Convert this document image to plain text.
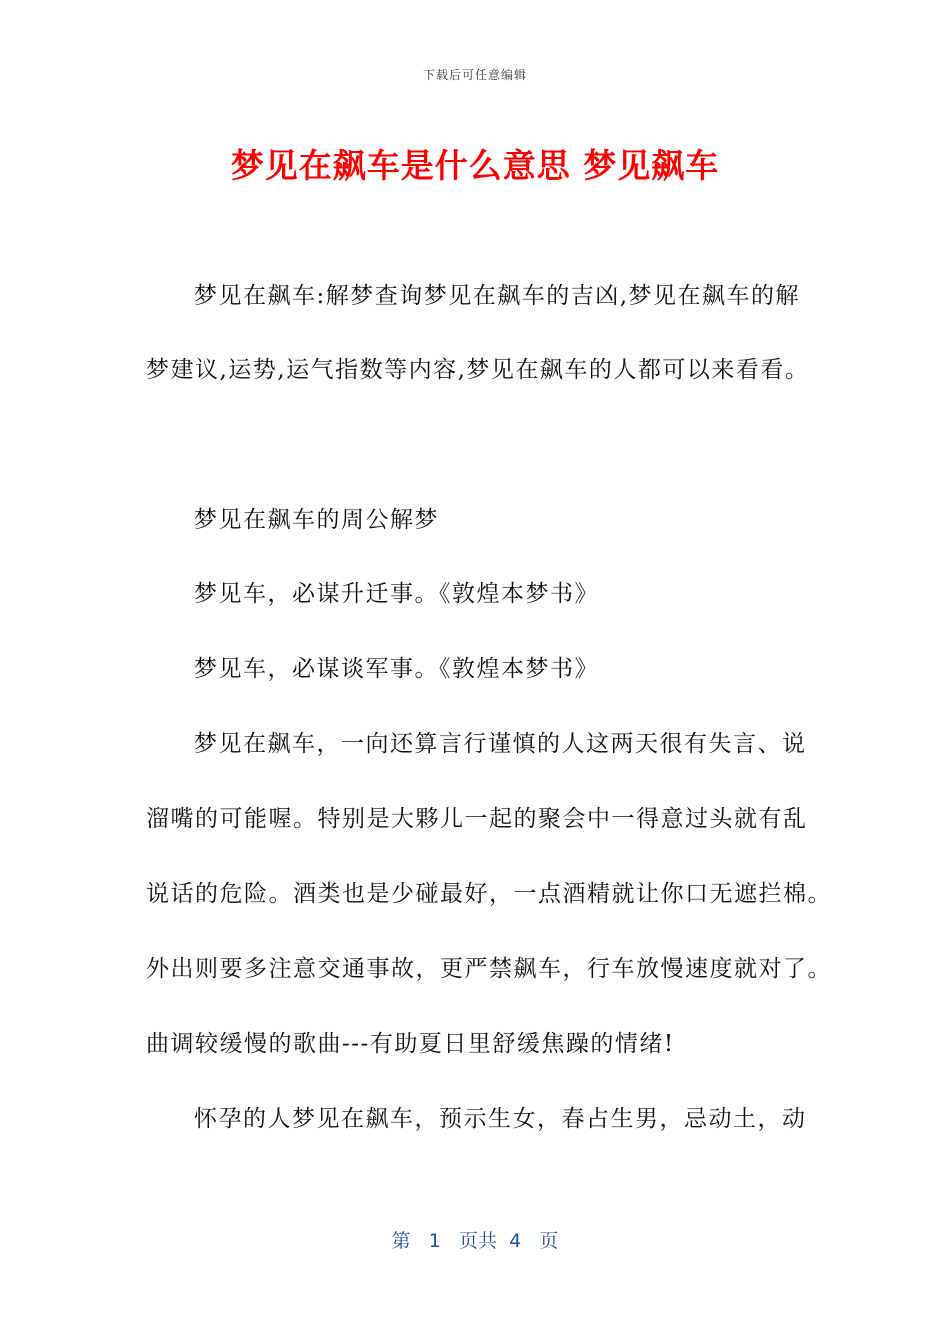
下载后可任意编辑
梦见在飙车是什么意思 梦见飙车
梦见在飙车:解梦查询梦见在飙车的吉凶,梦见在飙车的解
梦建议,运势,运气指数等内容,梦见在飙车的人都可以来看看。
梦见在飙车的周公解梦
梦见车，必谋升迁事。《敦煌本梦书》
梦见车，必谋谈军事。《敦煌本梦书》
梦见在飙车，一向还算言行谨慎的人这两天很有失言、说
溜嘴的可能喔。特别是大夥儿一起的聚会中一得意过头就有乱
说话的危险。酒类也是少碰最好，一点酒精就让你口无遮拦棉。
外出则要多注意交通事故，更严禁飙车，行车放慢速度就对了。
曲调较缓慢的歌曲---有助夏日里舒缓焦躁的情绪!
怀孕的人梦见在飙车，预示生女，春占生男，忌动土，动
第 1 页共 4 页
